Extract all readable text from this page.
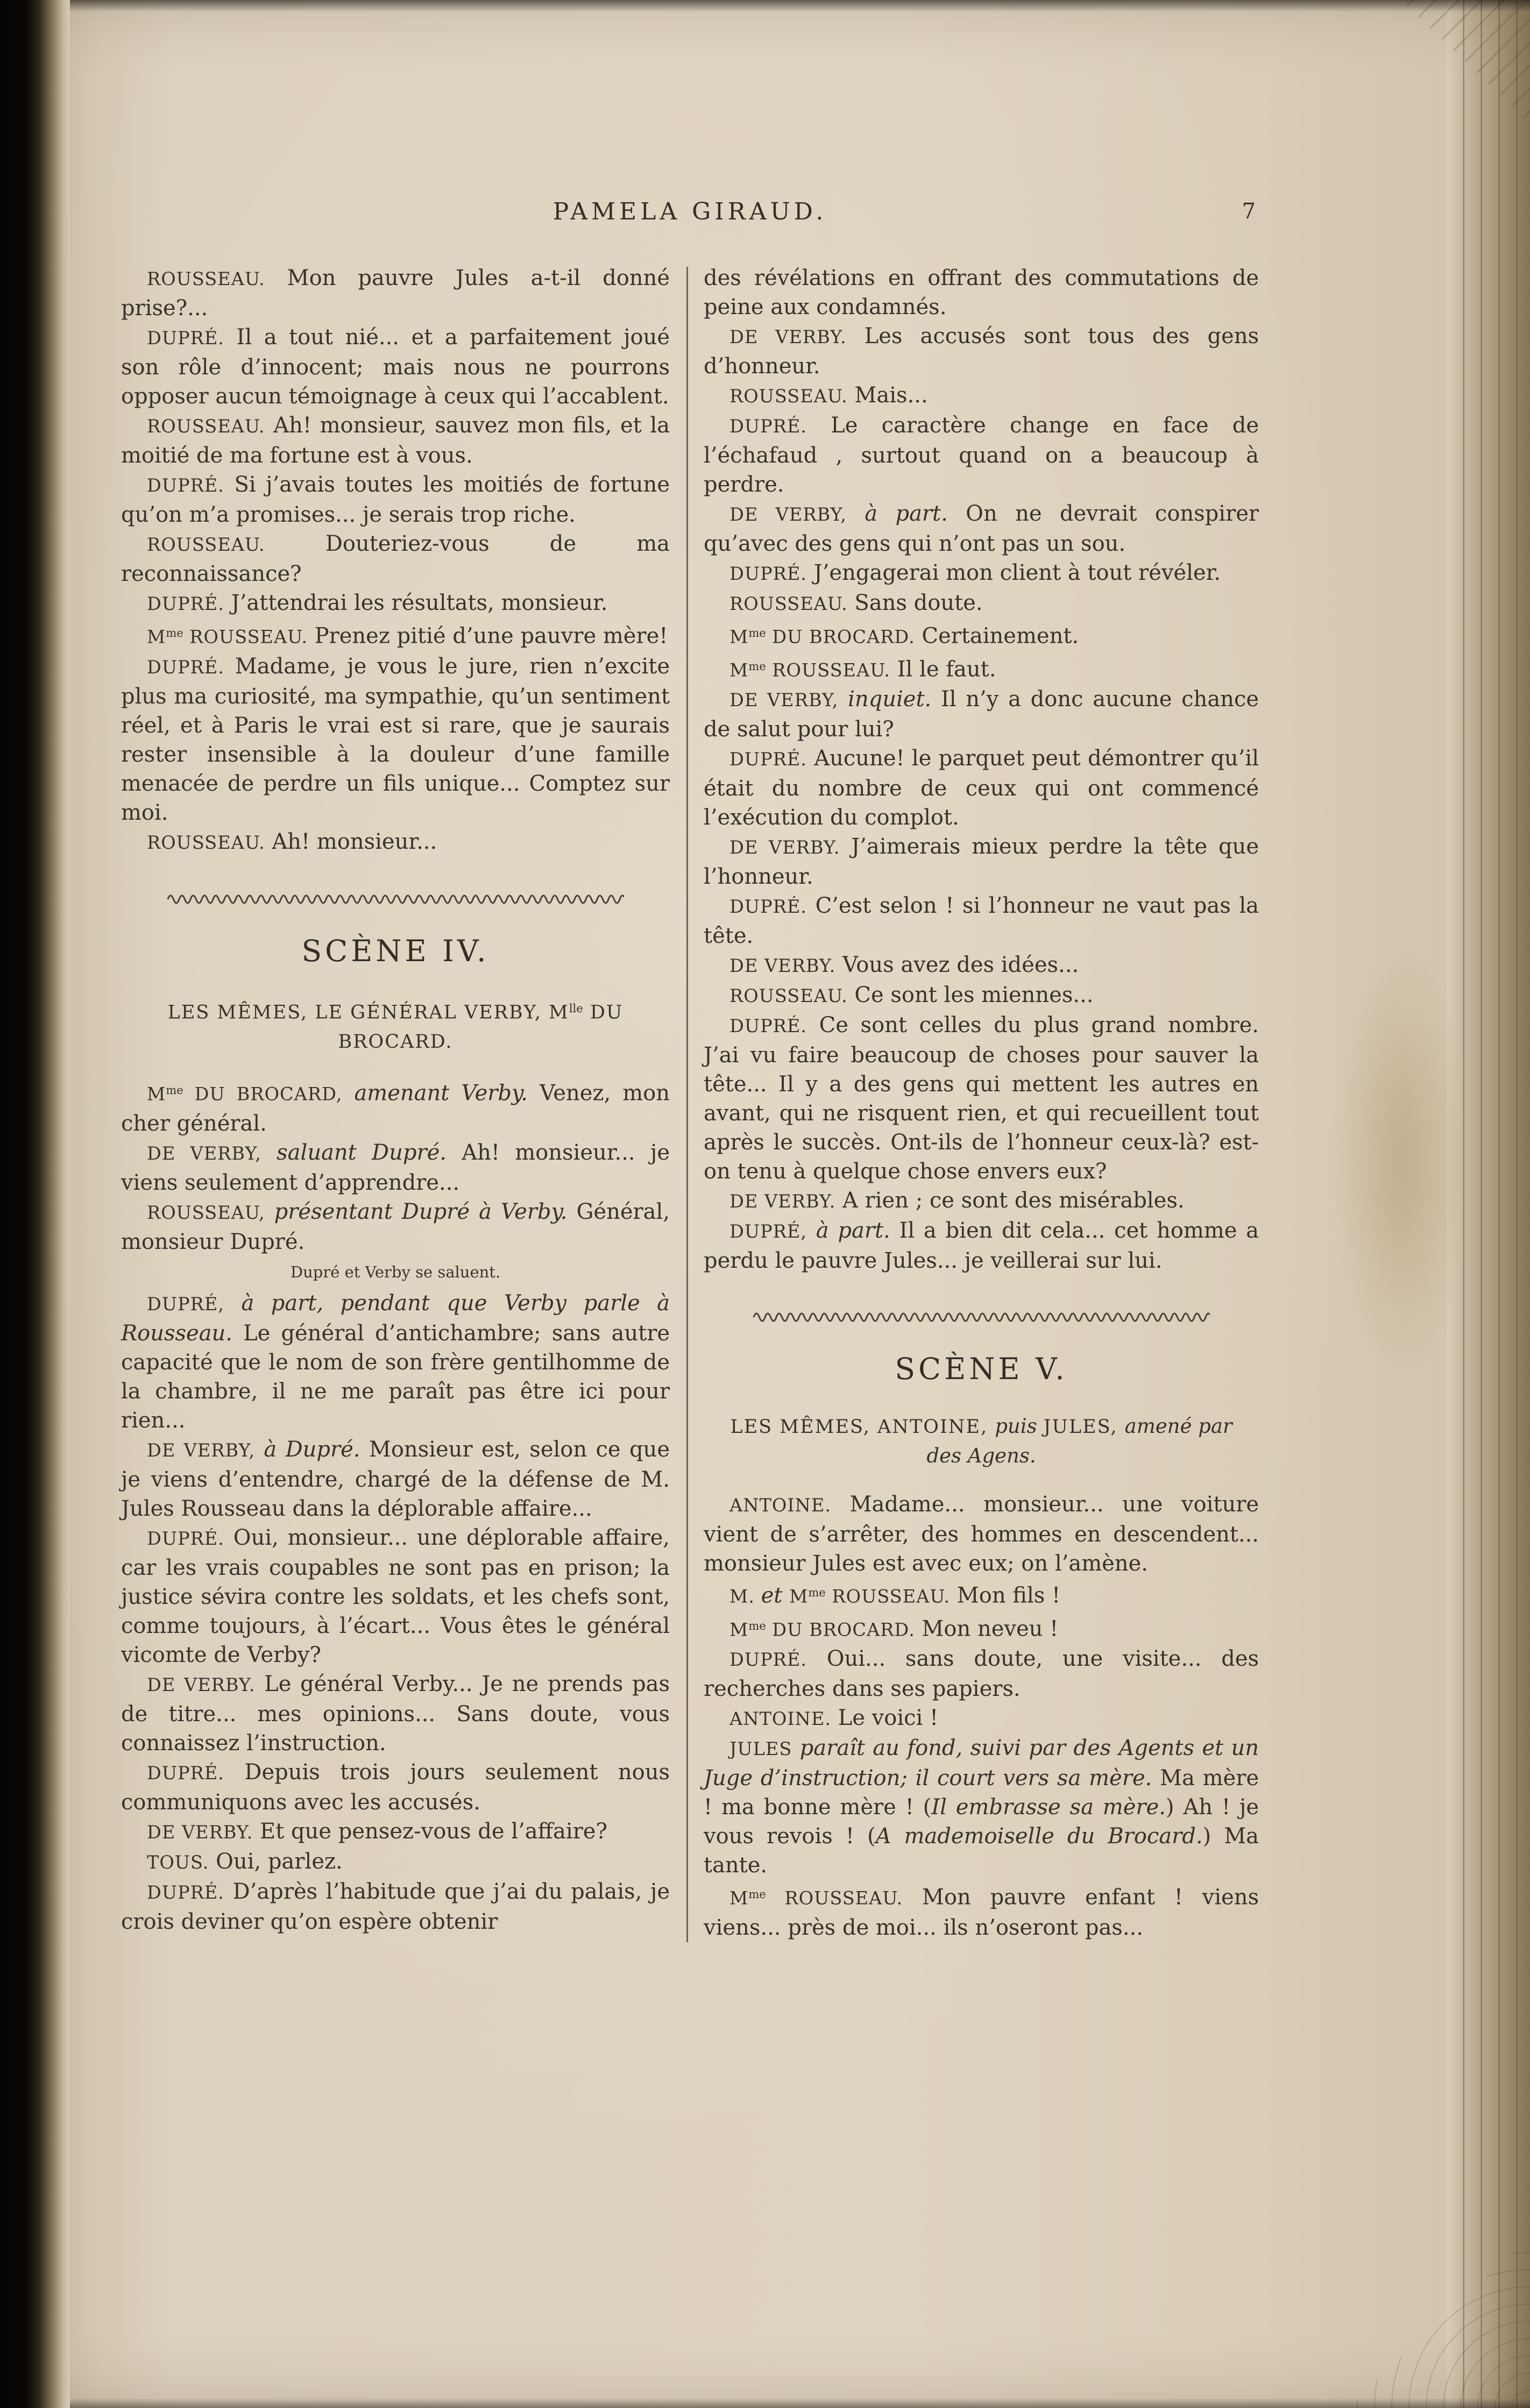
PAMELA GIRAUD.	7

ROUSSEAU. Mon pauvre Jules a-t-il donné prise?...

DUPRÉ. Il a tout nié... et a parfaitement joué son rôle d’innocent; mais nous ne pourrons opposer aucun témoignage à ceux qui l’accablent.

ROUSSEAU. Ah! monsieur, sauvez mon fils, et la moitié de ma fortune est à vous.

DUPRÉ. Si j’avais toutes les moitiés de fortune qu’on m’a promises... je serais trop riche.

ROUSSEAU. Douteriez-vous de ma reconnaissance?

DUPRÉ. J’attendrai les résultats, monsieur.

$M^{me}$ ROUSSEAU. Prenez pitié d’une pauvre mère!

DUPRÉ. Madame, je vous le jure, rien n’excite plus ma curiosité, ma sympathie, qu’un sentiment réel, et à Paris le vrai est si rare, que je saurais rester insensible à la douleur d’une famille menacée de perdre un fils unique... Comptez sur moi.

ROUSSEAU. Ah! monsieur...

SCÈNE IV.

LES MÊMES, LE GÉNÉRAL VERBY, $M^{lle}$ DU BROCARD.

$M^{me}$ DU BROCARD, amenant Verby. Venez, mon cher général.

DE VERBY, saluant Dupré. Ah! monsieur... je viens seulement d’apprendre...

ROUSSEAU, présentant Dupré à Verby. Général, monsieur Dupré.

Dupré et Verby se saluent.

DUPRÉ, à part, pendant que Verby parle à Rousseau. Le général d’antichambre; sans autre capacité que le nom de son frère gentilhomme de la chambre, il ne me paraît pas être ici pour rien...

DE VERBY, à Dupré. Monsieur est, selon ce que je viens d’entendre, chargé de la défense de M. Jules Rousseau dans la déplorable affaire...

DUPRÉ. Oui, monsieur... une déplorable affaire, car les vrais coupables ne sont pas en prison; la justice sévira contre les soldats, et les chefs sont, comme toujours, à l’écart... Vous êtes le général vicomte de Verby?

DE VERBY. Le général Verby... Je ne prends pas de titre... mes opinions... Sans doute, vous connaissez l’instruction.

DUPRÉ. Depuis trois jours seulement nous communiquons avec les accusés.

DE VERBY. Et que pensez-vous de l’affaire?

TOUS. Oui, parlez.

DUPRÉ. D’après l’habitude que j’ai du palais, je crois deviner qu’on espère obtenir

des révélations en offrant des commutations de peine aux condamnés.

DE VERBY. Les accusés sont tous des gens d’honneur.

ROUSSEAU. Mais...

DUPRÉ. Le caractère change en face de l’échafaud , surtout quand on a beaucoup à perdre.

DE VERBY, à part. On ne devrait conspirer qu’avec des gens qui n’ont pas un sou.

DUPRÉ. J’engagerai mon client à tout révéler.

ROUSSEAU. Sans doute.

$M^{me}$ DU BROCARD. Certainement.

$M^{me}$ ROUSSEAU. Il le faut.

DE VERBY, inquiet. Il n’y a donc aucune chance de salut pour lui?

DUPRÉ. Aucune! le parquet peut démontrer qu’il était du nombre de ceux qui ont commencé l’exécution du complot.

DE VERBY. J’aimerais mieux perdre la tête que l’honneur.

DUPRÉ. C’est selon ! si l’honneur ne vaut pas la tête.

DE VERBY. Vous avez des idées...

ROUSSEAU. Ce sont les miennes...

DUPRÉ. Ce sont celles du plus grand nombre. J’ai vu faire beaucoup de choses pour sauver la tête... Il y a des gens qui mettent les autres en avant, qui ne risquent rien, et qui recueillent tout après le succès. Ont-ils de l’honneur ceux-là? est-on tenu à quelque chose envers eux?

DE VERBY. A rien ; ce sont des misérables.

DUPRÉ, à part. Il a bien dit cela... cet homme a perdu le pauvre Jules... je veillerai sur lui.

SCÈNE V.

LES MÊMES, ANTOINE, puis JULES, amené par des Agens.

ANTOINE. Madame... monsieur... une voiture vient de s’arrêter, des hommes en descendent... monsieur Jules est avec eux; on l’amène.

M. et $M^{me}$ ROUSSEAU. Mon fils !

$M^{me}$ DU BROCARD. Mon neveu !

DUPRÉ. Oui... sans doute, une visite... des recherches dans ses papiers.

ANTOINE. Le voici !

JULES paraît au fond, suivi par des Agents et un Juge d’instruction; il court vers sa mère. Ma mère ! ma bonne mère ! (Il embrasse sa mère.) Ah ! je vous revois ! (A mademoiselle du Brocard.) Ma tante.

$M^{me}$ ROUSSEAU. Mon pauvre enfant ! viens viens... près de moi... ils n’oseront pas...
